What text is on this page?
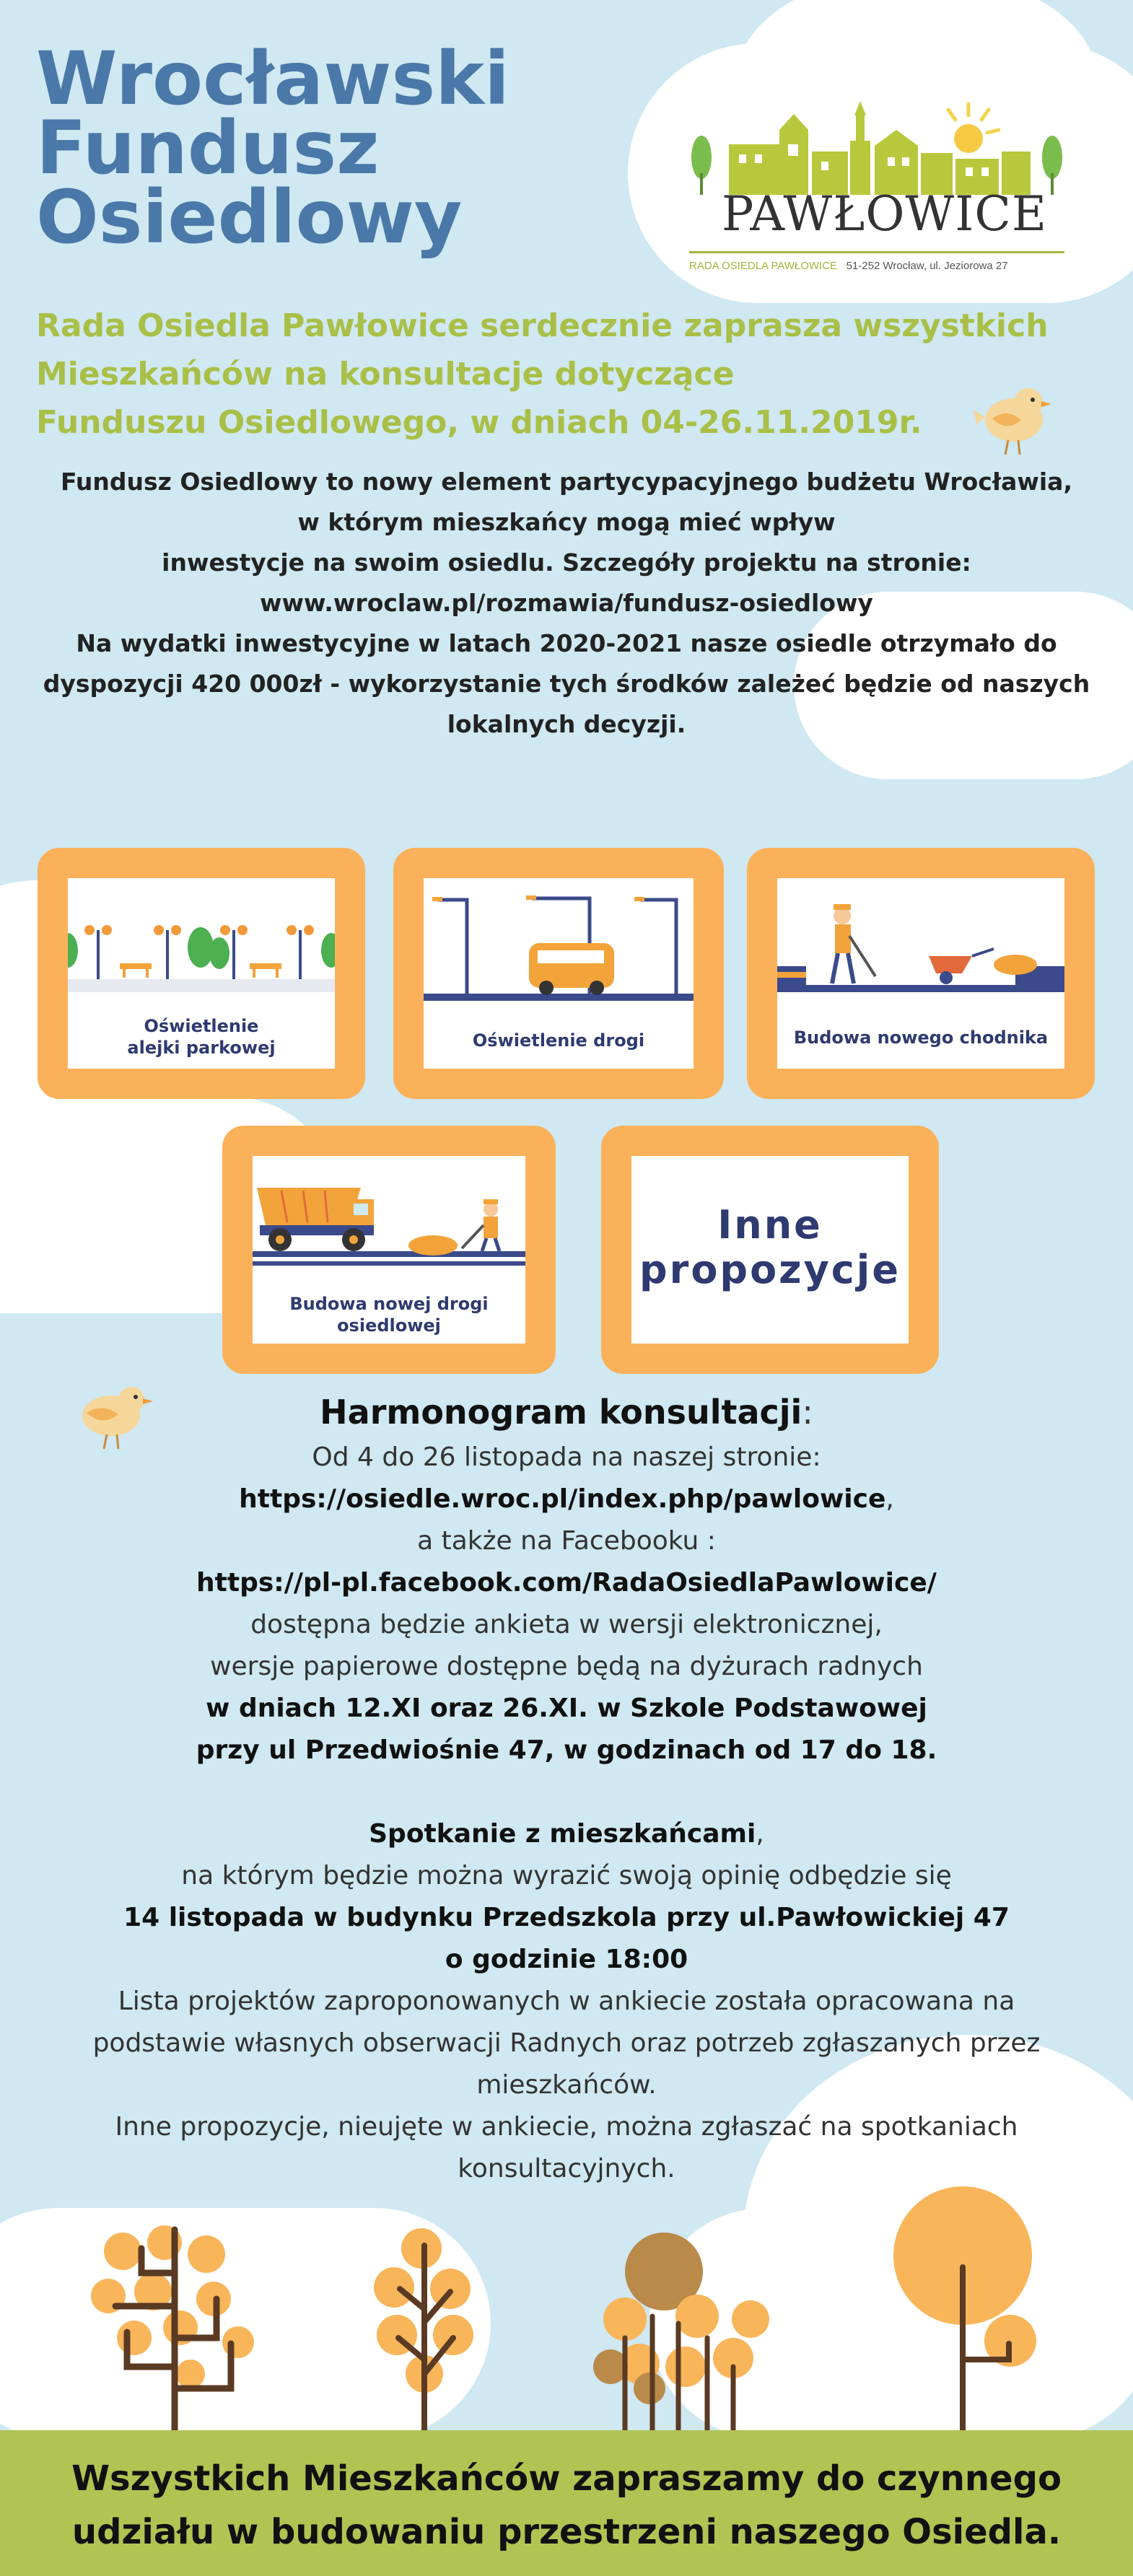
Wrocławski
Fundusz
Osiedlowy	PAWŁOWICE
RADA OSIEDLA PAWŁOWICE 51-252 Wrocław, ul. Jeziorowa 27
Rada Osiedla Pawłowice serdecznie zaprasza wszystkich
Mieszkańców na konsultacje dotyczące
Funduszu Osiedlowego, w dniach 04-26.11.2019r.
Fundusz Osiedlowy to nowy element partycypacyjnego budżetu Wrocławia,
w którym mieszkańcy mogą mieć wpływ
inwestycje na swoim osiedlu. Szczegóły projektu na stronie:
www.wroclaw.pl/rozmawia/fundusz-osiedlowy
Na wydatki inwestycyjne w latach 2020-2021 nasze osiedle otrzymało do
dyspozycji 420 000zł - wykorzystanie tych środków zależeć będzie od naszych
lokalnych decyzji.
Oświetlenie
alejki parkowej	Oświetlenie drogi	Budowa nowego chodnika
Budowa nowej drogi
osiedlowej
Inne
propozycje
Harmonogram konsultacji:
Od 4 do 26 listopada na naszej stronie:
https://osiedle.wroc.pl/index.php/pawlowice,
a także na Facebooku :
https://pl-pl.facebook.com/RadaOsiedlaPawlowice/
dostępna będzie ankieta w wersji elektronicznej,
wersje papierowe dostępne będą na dyżurach radnych
w dniach 12.XI oraz 26.XI. w Szkole Podstawowej
przy ul Przedwiośnie 47, w godzinach od 17 do 18.
Spotkanie z mieszkańcami,
na którym będzie można wyrazić swoją opinię odbędzie się
14 listopada w budynku Przedszkola przy ul.Pawłowickiej 47
o godzinie 18:00
Lista projektów zaproponowanych w ankiecie została opracowana na
podstawie własnych obserwacji Radnych oraz potrzeb zgłaszanych przez
mieszkańców.
Inne propozycje, nieujęte w ankiecie, można zgłaszać na spotkaniach
konsultacyjnych.
Wszystkich Mieszkańców zapraszamy do czynnego
udziału w budowaniu przestrzeni naszego Osiedla.
